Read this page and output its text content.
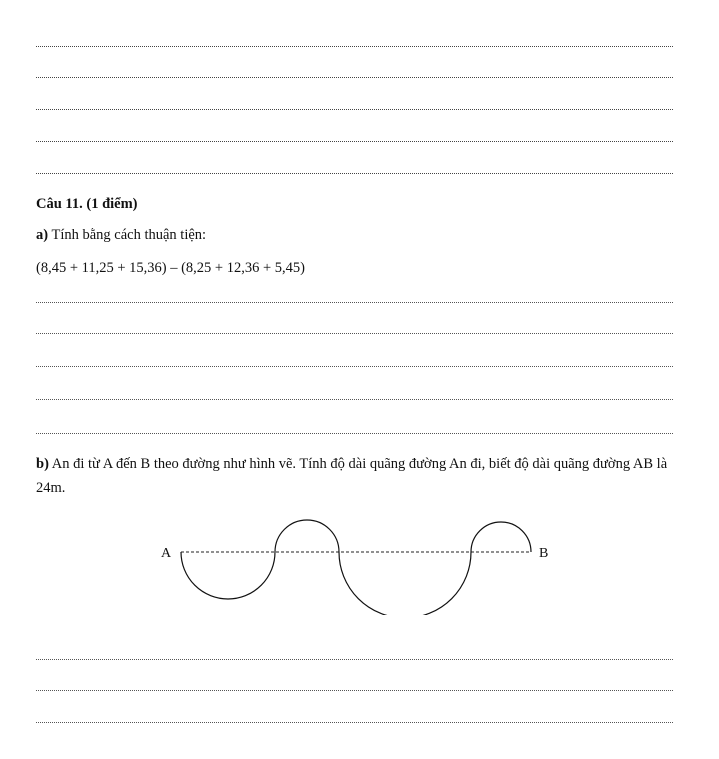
Câu 11. (1 điểm)
a) Tính bằng cách thuận tiện:
(8,45 + 11,25 + 15,36) – (8,25 + 12,36 + 5,45)
b) An đi từ A đến B theo đường như hình vẽ. Tính độ dài quãng đường An đi, biết độ dài quãng đường AB là 24m.
A	B
